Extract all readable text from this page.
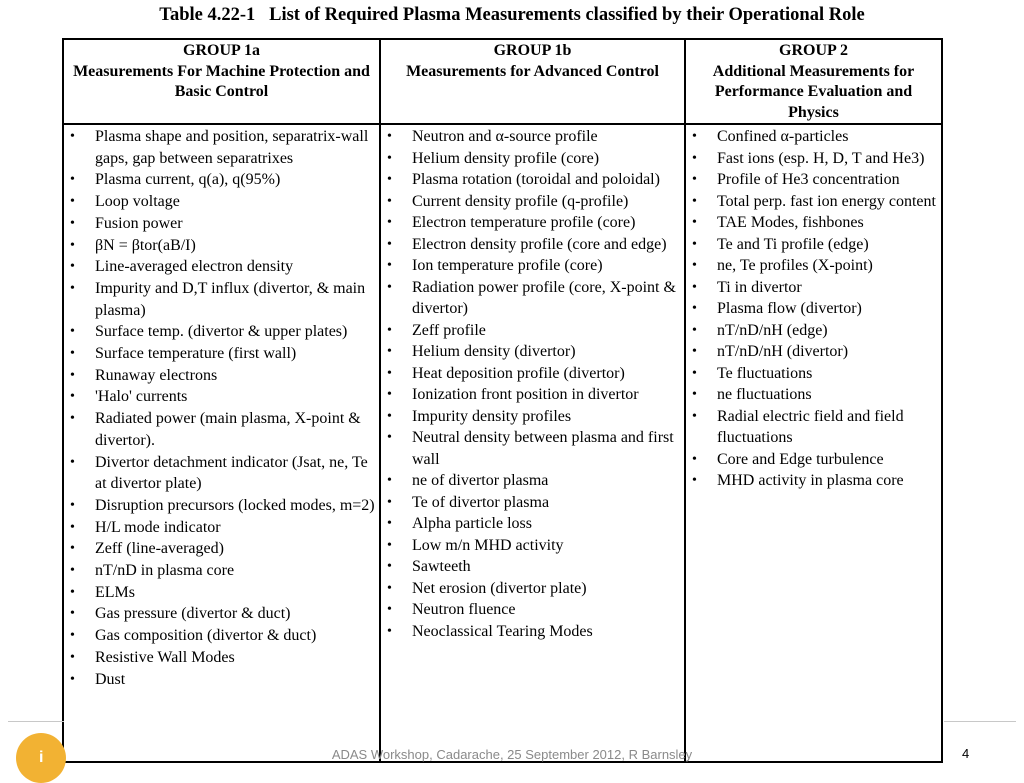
Table 4.22-1   List of Required Plasma Measurements classified by their Operational Role
GROUP 1a
Measurements For Machine Protection and Basic Control
GROUP 1b
Measurements for Advanced Control
GROUP 2
Additional Measurements for Performance Evaluation and Physics
• Plasma shape and position, separatrix-wall gaps, gap between separatrixes
• Plasma current, q(a), q(95%)
• Loop voltage
• Fusion power
• βN = βtor(aB/I)
• Line-averaged electron density
• Impurity and D,T influx (divertor, & main plasma)
• Surface temp. (divertor & upper plates)
• Surface temperature (first wall)
• Runaway electrons
• 'Halo' currents
• Radiated power (main plasma, X-point & divertor).
• Divertor detachment indicator (Jsat, ne, Te at divertor plate)
• Disruption precursors (locked modes, m=2)
• H/L mode indicator
• Zeff (line-averaged)
• nT/nD in plasma core
• ELMs
• Gas pressure (divertor & duct)
• Gas composition (divertor & duct)
• Resistive Wall Modes
• Dust
• Neutron and α-source profile
• Helium density profile (core)
• Plasma rotation (toroidal and poloidal)
• Current density profile (q-profile)
• Electron temperature profile (core)
• Electron density profile (core and edge)
• Ion temperature profile (core)
• Radiation power profile (core, X-point & divertor)
• Zeff profile
• Helium density (divertor)
• Heat deposition profile (divertor)
• Ionization front position in divertor
• Impurity density profiles
• Neutral density between plasma and first wall
• ne of divertor plasma
• Te of divertor plasma
• Alpha particle loss
• Low m/n MHD activity
• Sawteeth
• Net erosion (divertor plate)
• Neutron fluence
• Neoclassical Tearing Modes
• Confined α-particles
• Fast ions (esp. H, D, T and He3)
• Profile of He3 concentration
• Total perp. fast ion energy content
• TAE Modes, fishbones
• Te and Ti profile (edge)
• ne, Te profiles (X-point)
• Ti in divertor
• Plasma flow (divertor)
• nT/nD/nH (edge)
• nT/nD/nH (divertor)
• Te fluctuations
• ne fluctuations
• Radial electric field and field fluctuations
• Core and Edge turbulence
• MHD activity in plasma core
i	ADAS Workshop, Cadarache, 25 September 2012, R Barnsley	4
